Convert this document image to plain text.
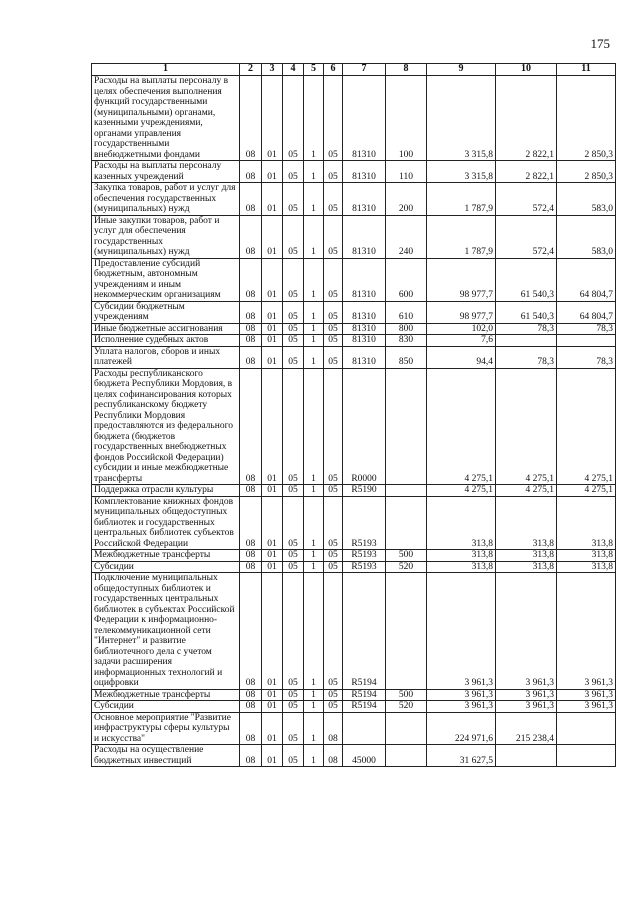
175
1	2	3	4	5	6	7	8	9	10	11
Расходы на выплаты персоналу в целях обеспечения выполнения функций государственными (муниципальными) органами, казенными учреждениями, органами управления государственными внебюджетными фондами	08	01	05	1	05	81310	100	3 315,8	2 822,1	2 850,3
Расходы на выплаты персоналу казенных учреждений	08	01	05	1	05	81310	110	3 315,8	2 822,1	2 850,3
Закупка товаров, работ и услуг для обеспечения государственных (муниципальных) нужд	08	01	05	1	05	81310	200	1 787,9	572,4	583,0
Иные закупки товаров, работ и услуг для обеспечения государственных (муниципальных) нужд	08	01	05	1	05	81310	240	1 787,9	572,4	583,0
Предоставление субсидий бюджетным, автономным учреждениям и иным некоммерческим организациям	08	01	05	1	05	81310	600	98 977,7	61 540,3	64 804,7
Субсидии бюджетным учреждениям	08	01	05	1	05	81310	610	98 977,7	61 540,3	64 804,7
Иные бюджетные ассигнования	08	01	05	1	05	81310	800	102,0	78,3	78,3
Исполнение судебных актов	08	01	05	1	05	81310	830	7,6		
Уплата налогов, сборов и иных платежей	08	01	05	1	05	81310	850	94,4	78,3	78,3
Расходы республиканского бюджета Республики Мордовия, в целях софинансирования которых республиканскому бюджету Республики Мордовия предоставляются из федерального бюджета (бюджетов государственных внебюджетных фондов Российской Федерации) субсидии и иные межбюджетные трансферты	08	01	05	1	05	R0000		4 275,1	4 275,1	4 275,1
Поддержка отрасли культуры	08	01	05	1	05	R5190		4 275,1	4 275,1	4 275,1
Комплектование книжных фондов муниципальных общедоступных библиотек и государственных центральных библиотек субъектов Российской Федерации	08	01	05	1	05	R5193		313,8	313,8	313,8
Межбюджетные трансферты	08	01	05	1	05	R5193	500	313,8	313,8	313,8
Субсидии	08	01	05	1	05	R5193	520	313,8	313,8	313,8
Подключение муниципальных общедоступных библиотек и государственных центральных библиотек в субъектах Российской Федерации к информационно-телекоммуникационной сети "Интернет" и развитие библиотечного дела с учетом задачи расширения информационных технологий и оцифровки	08	01	05	1	05	R5194		3 961,3	3 961,3	3 961,3
Межбюджетные трансферты	08	01	05	1	05	R5194	500	3 961,3	3 961,3	3 961,3
Субсидии	08	01	05	1	05	R5194	520	3 961,3	3 961,3	3 961,3
Основное мероприятие "Развитие инфраструктуры сферы культуры и искусства"	08	01	05	1	08			224 971,6	215 238,4	
Расходы на осуществление бюджетных инвестиций	08	01	05	1	08	45000		31 627,5		
